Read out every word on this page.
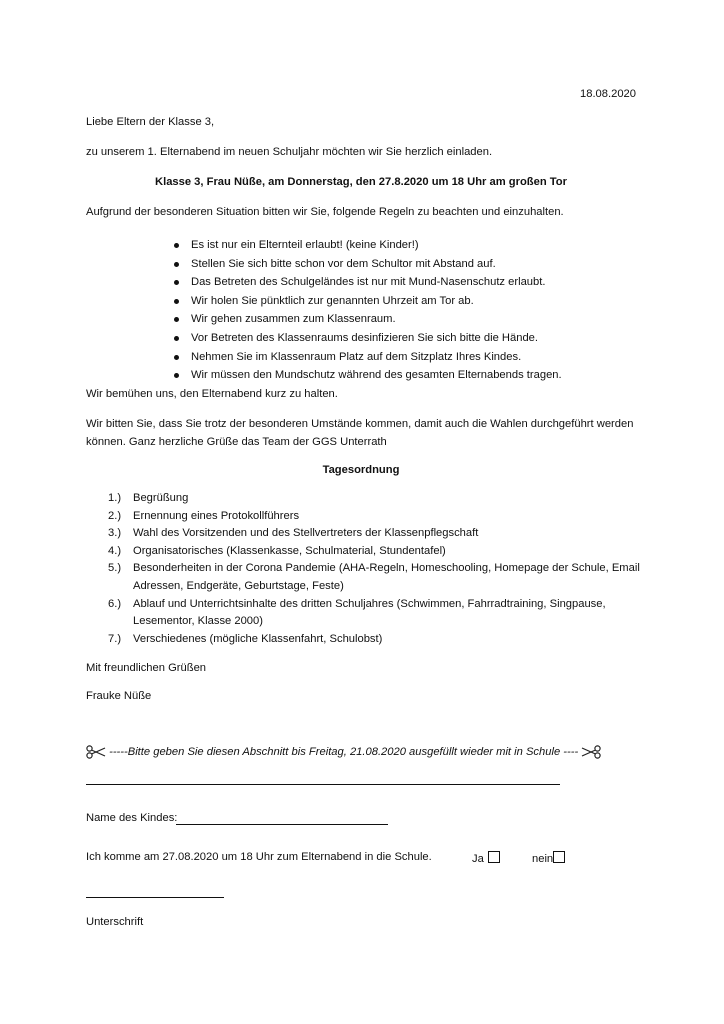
18.08.2020
Liebe Eltern der Klasse 3,
zu unserem 1. Elternabend im neuen Schuljahr möchten wir Sie herzlich einladen.
Klasse 3, Frau Nüße, am Donnerstag, den 27.8.2020 um 18 Uhr am großen Tor
Aufgrund der besonderen Situation bitten wir Sie, folgende Regeln zu beachten und einzuhalten.
Es ist nur ein Elternteil erlaubt! (keine Kinder!)
Stellen Sie sich bitte schon vor dem Schultor mit Abstand auf.
Das Betreten des Schulgeländes ist nur mit Mund-Nasenschutz erlaubt.
Wir holen Sie pünktlich zur genannten Uhrzeit am Tor ab.
Wir gehen zusammen zum Klassenraum.
Vor Betreten des Klassenraums desinfizieren Sie sich bitte die Hände.
Nehmen Sie im Klassenraum Platz auf dem Sitzplatz Ihres Kindes.
Wir müssen den Mundschutz während des gesamten Elternabends tragen.
Wir bemühen uns, den Elternabend kurz zu halten.
Wir bitten Sie, dass Sie trotz der besonderen Umstände kommen, damit auch die Wahlen durchgeführt werden
können. Ganz herzliche Grüße das Team der GGS Unterrath
Tagesordnung
1.) Begrüßung
2.) Ernennung eines Protokollführers
3.) Wahl des Vorsitzenden und des Stellvertreters der Klassenpflegschaft
4.) Organisatorisches (Klassenkasse, Schulmaterial, Stundentafel)
5.) Besonderheiten in der Corona Pandemie (AHA-Regeln, Homeschooling, Homepage der Schule, Email Adressen, Endgeräte, Geburtstage, Feste)
6.) Ablauf und Unterrichtsinhalte des dritten Schuljahres (Schwimmen, Fahrradtraining, Singpause, Lesementor, Klasse 2000)
7.) Verschiedenes (mögliche Klassenfahrt, Schulobst)
Mit freundlichen Grüßen
Frauke Nüße
-----Bitte geben Sie diesen Abschnitt bis Freitag, 21.08.2020 ausgefüllt wieder mit in Schule ----
Name des Kindes:
Ich komme am 27.08.2020 um 18 Uhr zum Elternabend in die Schule.	Ja	nein
Unterschrift
